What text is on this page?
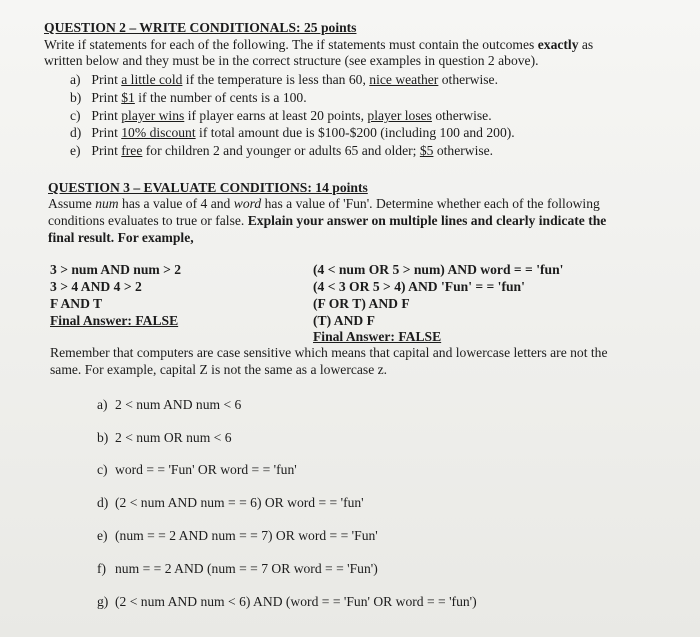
QUESTION 2 – WRITE CONDITIONALS: 25 points
Write if statements for each of the following. The if statements must contain the outcomes exactly as
written below and they must be in the correct structure (see examples in question 2 above).
a) Print a little cold if the temperature is less than 60, nice weather otherwise.
b) Print $1 if the number of cents is a 100.
c) Print player wins if player earns at least 20 points, player loses otherwise.
d) Print 10% discount if total amount due is $100-$200 (including 100 and 200).
e) Print free for children 2 and younger or adults 65 and older; $5 otherwise.
QUESTION 3 – EVALUATE CONDITIONS: 14 points
Assume num has a value of 4 and word has a value of 'Fun'. Determine whether each of the following
conditions evaluates to true or false. Explain your answer on multiple lines and clearly indicate the
final result. For example,
3 > num AND num > 2
3 > 4 AND 4 > 2
F AND T
Final Answer: FALSE
(4 < num OR 5 > num) AND word = = 'fun'
(4 < 3 OR 5 > 4) AND 'Fun' = = 'fun'
(F OR T) AND F
(T) AND F
Final Answer: FALSE
Remember that computers are case sensitive which means that capital and lowercase letters are not the
same. For example, capital Z is not the same as a lowercase z.
a) 2 < num AND num < 6
b) 2 < num OR num < 6
c) word = = 'Fun' OR word = = 'fun'
d) (2 < num AND num = = 6) OR word = = 'fun'
e) (num = = 2 AND num = = 7) OR word = = 'Fun'
f) num = = 2 AND (num = = 7 OR word = = 'Fun')
g) (2 < num AND num < 6) AND (word = = 'Fun' OR word = = 'fun')
